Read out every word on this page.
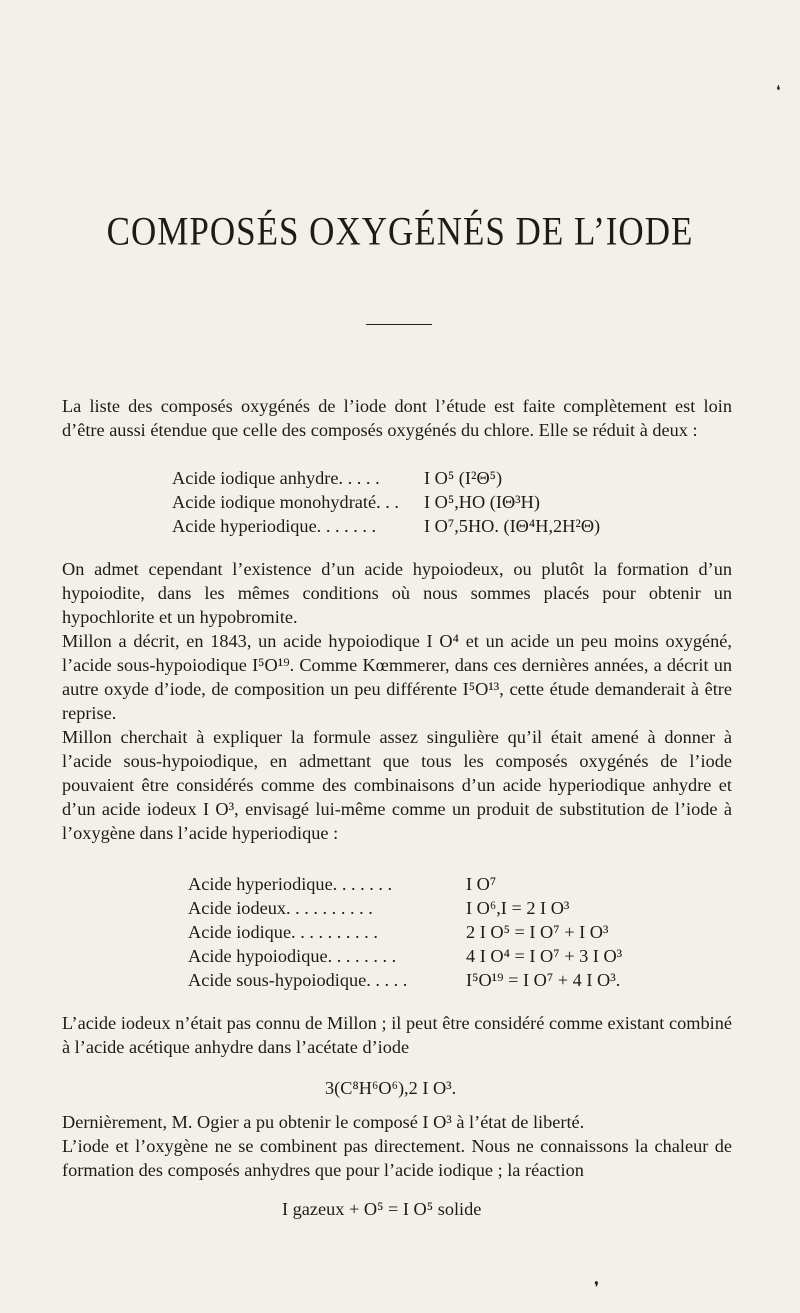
COMPOSÉS OXYGÉNÉS DE L’IODE

La liste des composés oxygénés de l’iode dont l’étude est faite complètement est loin d’être aussi étendue que celle des composés oxygénés du chlore. Elle se réduit à deux :

Acide iodique anhydre. . . . .	I O⁵ (I²Θ⁵)
Acide iodique monohydraté. . .	I O⁵,HO (IΘ³H)
Acide hyperiodique. . . . . . .	I O⁷,5HO. (IΘ⁴H,2H²Θ)

On admet cependant l’existence d’un acide hypoiodeux, ou plutôt la formation d’un hypoiodite, dans les mêmes conditions où nous sommes placés pour obtenir un hypochlorite et un hypobromite.

Millon a décrit, en 1843, un acide hypoiodique I O⁴ et un acide un peu moins oxygéné, l’acide sous-hypoiodique I⁵O¹⁹. Comme Kœmmerer, dans ces dernières années, a décrit un autre oxyde d’iode, de composition un peu différente I⁵O¹³, cette étude demanderait à être reprise.

Millon cherchait à expliquer la formule assez singulière qu’il était amené à donner à l’acide sous-hypoiodique, en admettant que tous les composés oxygénés de l’iode pouvaient être considérés comme des combinaisons d’un acide hyperiodique anhydre et d’un acide iodeux I O³, envisagé lui-même comme un produit de substitution de l’iode à l’oxygène dans l’acide hyperiodique :

Acide hyperiodique. . . . . . .	I O⁷
Acide iodeux. . . . . . . . . .	I O⁶,I = 2 I O³
Acide iodique. . . . . . . . . .	2 I O⁵ = I O⁷ + I O³
Acide hypoiodique. . . . . . . .	4 I O⁴ = I O⁷ + 3 I O³
Acide sous-hypoiodique. . . . .	I⁵O¹⁹ = I O⁷ + 4 I O³.

L’acide iodeux n’était pas connu de Millon ; il peut être considéré comme existant combiné à l’acide acétique anhydre dans l’acétate d’iode

3(C⁸H⁶O⁶),2 I O³.

Dernièrement, M. Ogier a pu obtenir le composé I O³ à l’état de liberté.

L’iode et l’oxygène ne se combinent pas directement. Nous ne connaissons la chaleur de formation des composés anhydres que pour l’acide iodique ; la réaction

I gazeux + O⁵ = I O⁵ solide
❜
❛
